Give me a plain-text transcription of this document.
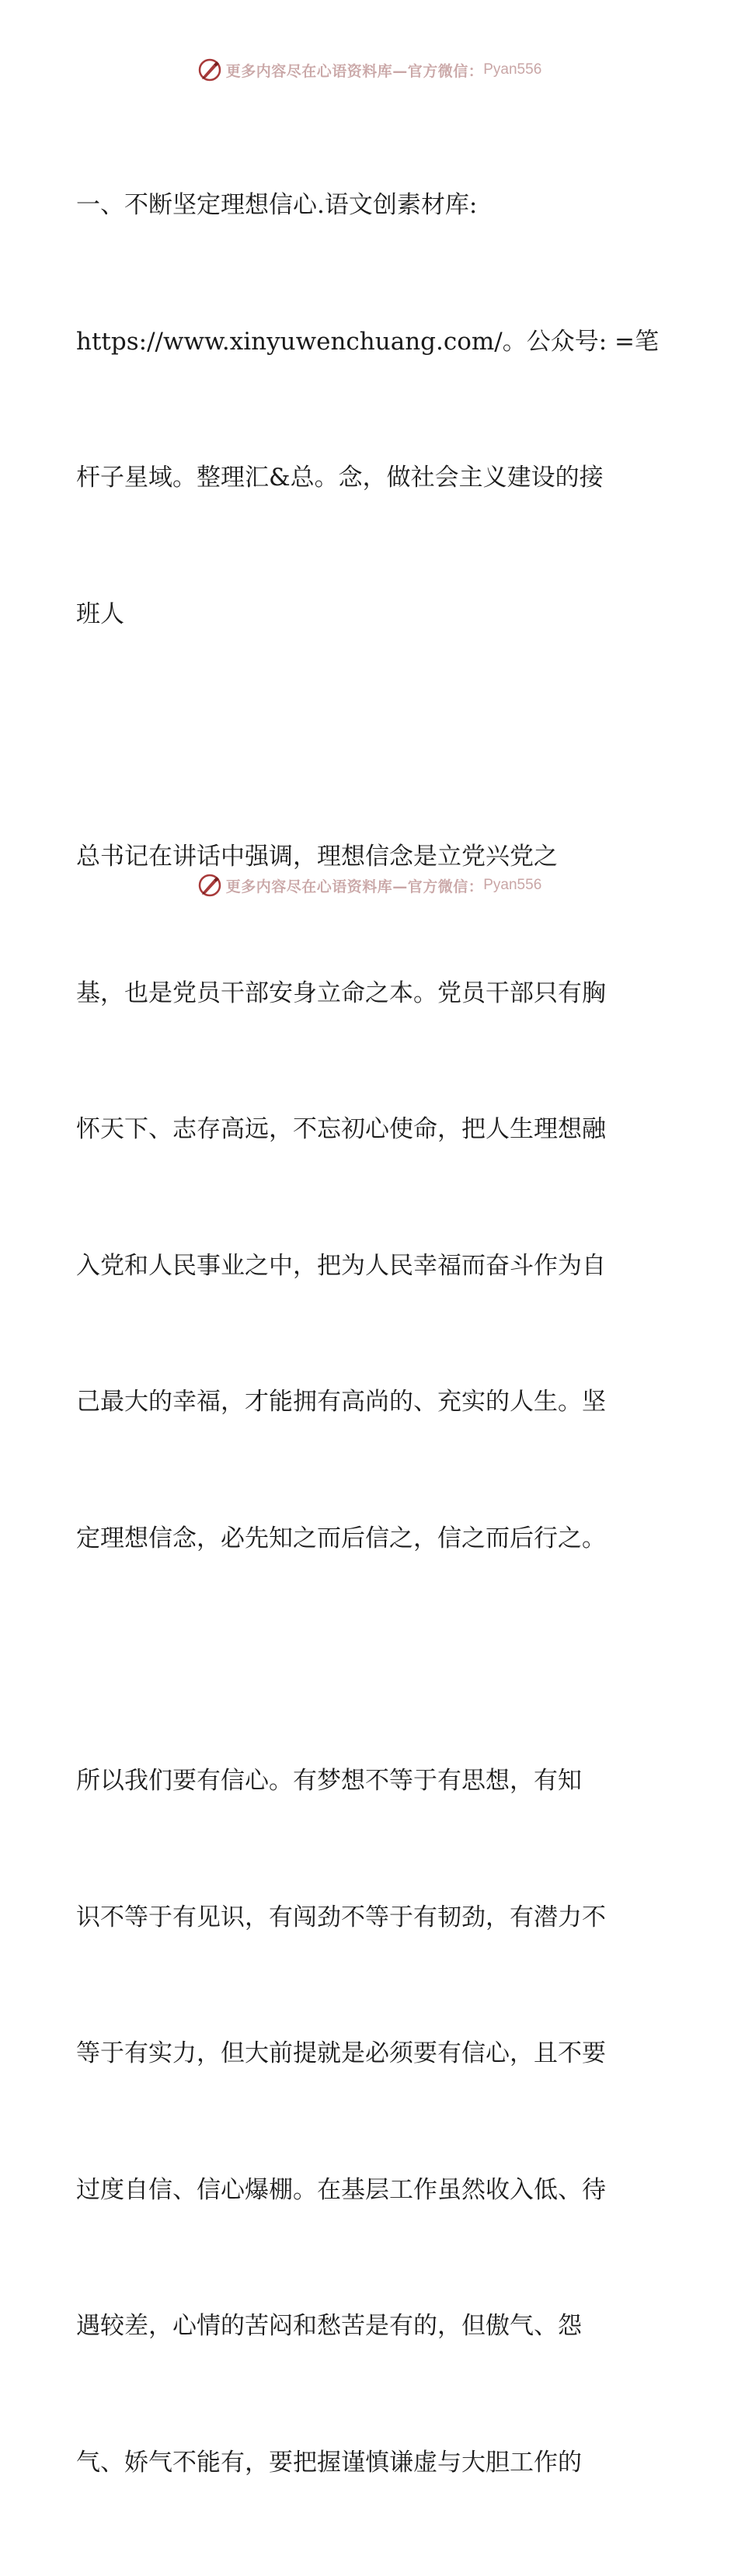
更多内容尽在心语资料库—官方微信： Pyan556

一、不断坚定理想信心.语文创素材库:

https://www.xinyuwenchuang.com/。公众号: =笔

杆子星域。整理汇&总。念，做社会主义建设的接

班人

总书记在讲话中强调，理想信念是立党兴党之

基，也是党员干部安身立命之本。党员干部只有胸

怀天下、志存高远，不忘初心使命，把人生理想融

入党和人民事业之中，把为人民幸福而奋斗作为自

己最大的幸福，才能拥有高尚的、充实的人生。坚

定理想信念，必先知之而后信之，信之而后行之。

所以我们要有信心。有梦想不等于有思想，有知

识不等于有见识，有闯劲不等于有韧劲，有潜力不

等于有实力，但大前提就是必须要有信心，且不要

过度自信、信心爆棚。在基层工作虽然收入低、待

遇较差，心情的苦闷和愁苦是有的，但傲气、怨

气、娇气不能有，要把握谨慎谦虚与大胆工作的

更多内容尽在心语资料库—官方微信： Pyan556
